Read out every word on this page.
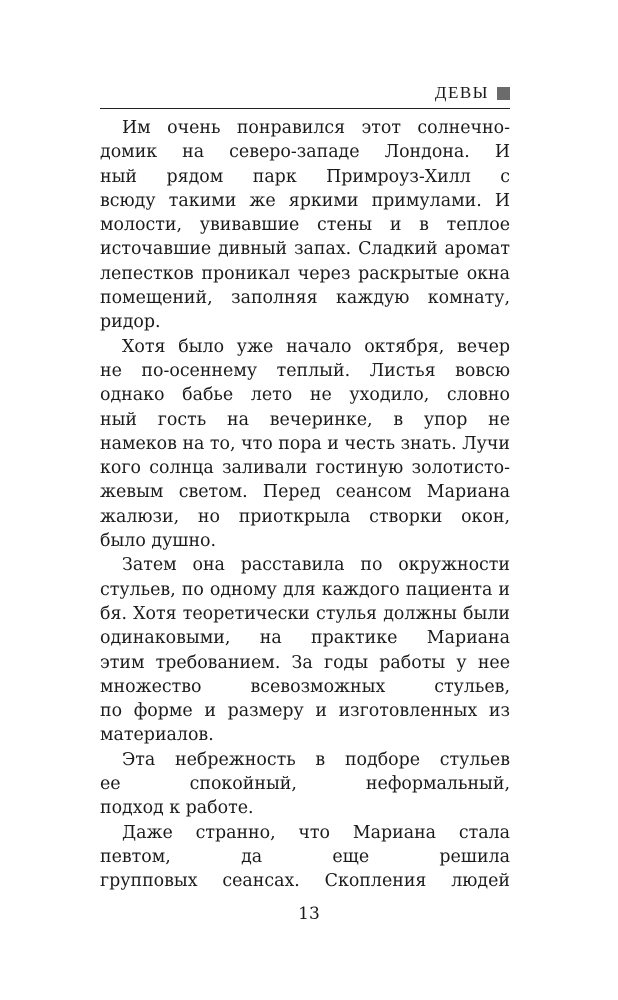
ДЕВЫ
Им очень понравился этот солнечно-
домик на северо-западе Лондона. И
ный рядом парк Примроуз-Хилл с
всюду такими же яркими примулами. И
молости, увивавшие стены и в теплое
источавшие дивный запах. Сладкий аромат
лепестков проникал через раскрытые окна
помещений, заполняя каждую комнату,
ридор.
Хотя было уже начало октября, вечер
не по-осеннему теплый. Листья вовсю
однако бабье лето не уходило, словно
ный гость на вечеринке, в упор не
намеков на то, что пора и честь знать. Лучи
кого солнца заливали гостиную золотисто-
жевым светом. Перед сеансом Мариана
жалюзи, но приоткрыла створки окон,
было душно.
Затем она расставила по окружности
стульев, по одному для каждого пациента и
бя. Хотя теоретически стулья должны были
одинаковыми, на практике Мариана
этим требованием. За годы работы у нее
множество всевозможных стульев,
по форме и размеру и изготовленных из
материалов.
Эта небрежность в подборе стульев
ее спокойный, неформальный,
подход к работе.
Даже странно, что Мариана стала
певтом, да еще решила
групповых сеансах. Скопления людей
13
